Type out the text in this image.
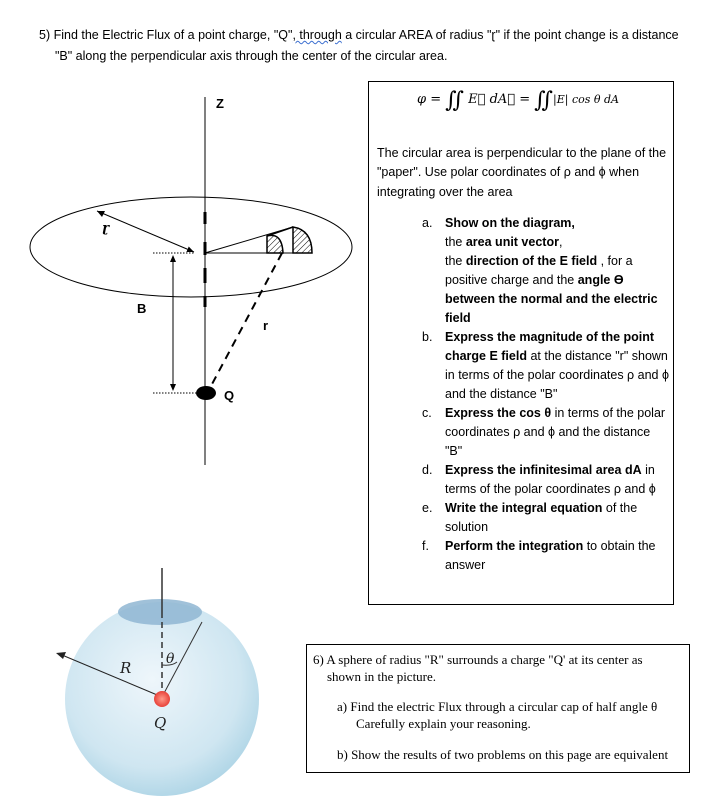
5) Find the Electric Flux of a point charge, "Q", through a circular AREA of radius "ɽ" if the point change is a distance
"B" along the perpendicular axis through the center of the circular area.
Z
ɽ
B
r
Q
R θ
Q
φ = ∬ E⃗ dA⃗ = ∬|E| cos θ dA
The circular area is perpendicular to the plane of the "paper". Use polar coordinates of ρ and ϕ when integrating over the area
a. Show on the diagram,
the area unit vector,
the direction of the E field , for a positive charge and the angle ϴ between the normal and the electric field
b. Express the magnitude of the point charge E field at the distance "r" shown in terms of the polar coordinates ρ and ϕ and the distance "B"
c. Express the cos θ in terms of the polar coordinates ρ and ϕ and the distance "B"
d. Express the infinitesimal area dA in terms of the polar coordinates ρ and ϕ
e. Write the integral equation of the solution
f. Perform the integration to obtain the answer
6) A sphere of radius "R" surrounds a charge "Q' at its center as
shown in the picture.
a) Find the electric Flux through a circular cap of half angle θ
Carefully explain your reasoning.
b) Show the results of two problems on this page are equivalent
